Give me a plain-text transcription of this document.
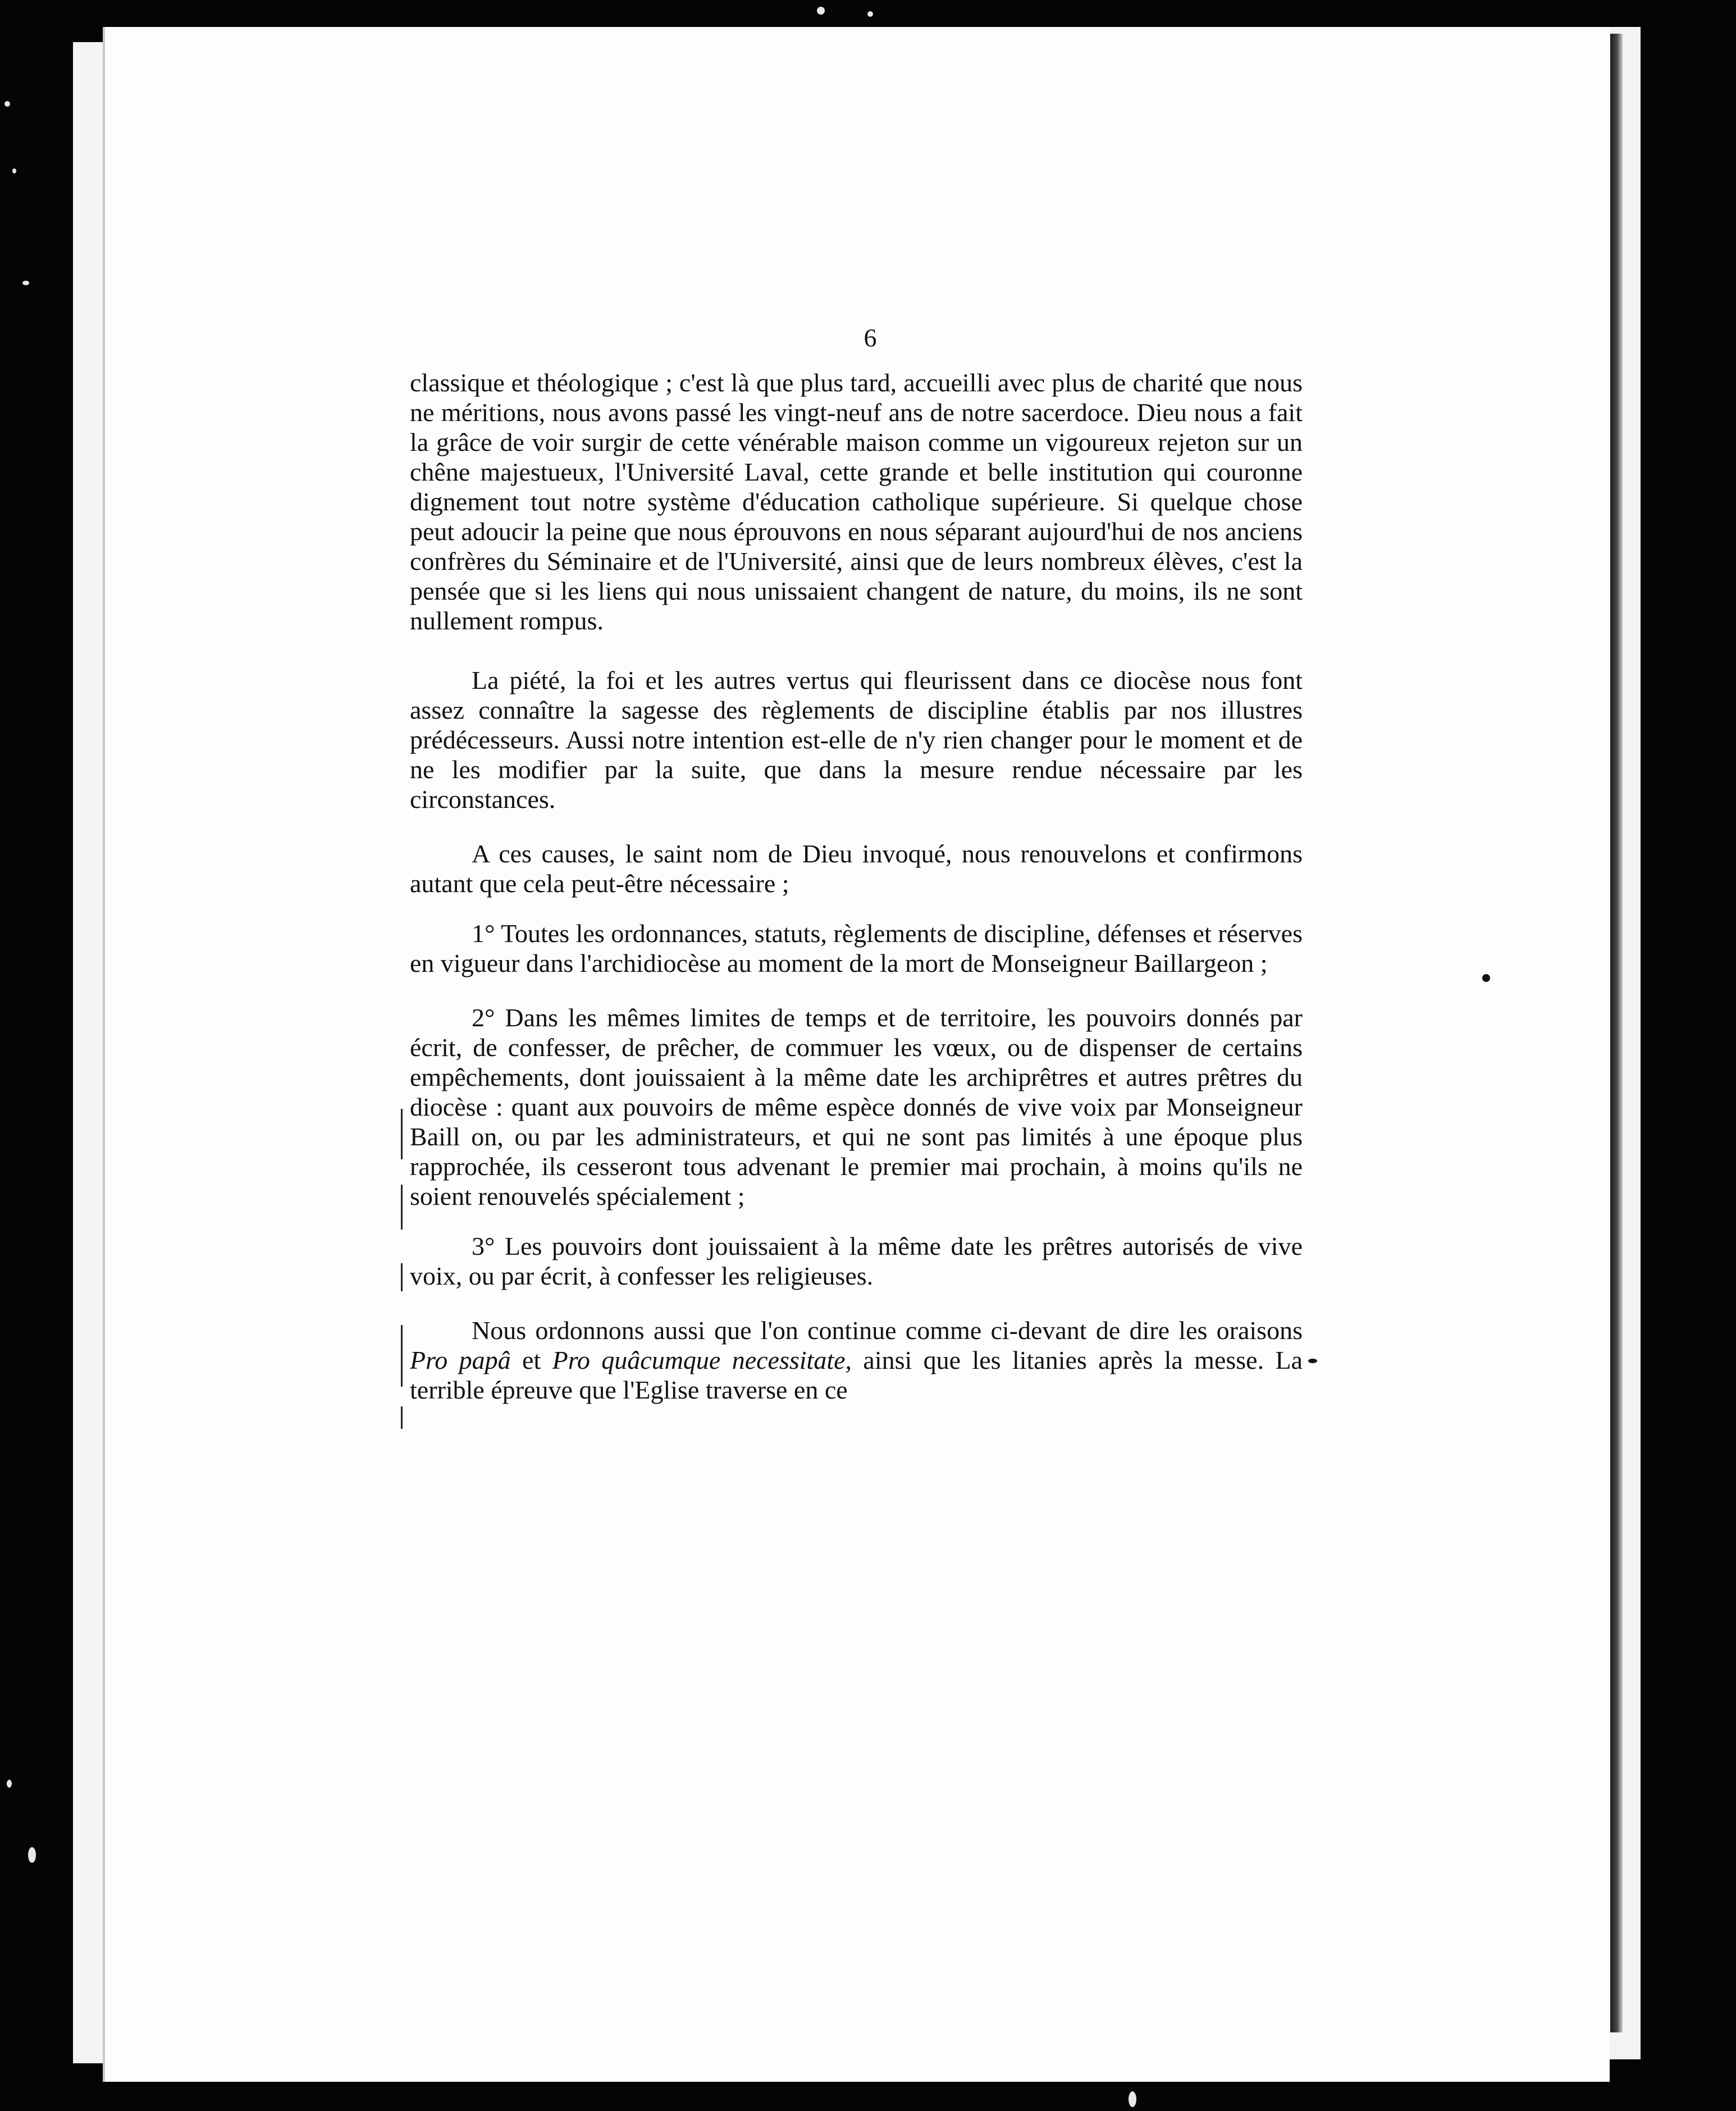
6

classique et théologique ; c'est là que plus tard, accueilli avec plus de charité que nous ne méritions, nous avons passé les vingt-neuf ans de notre sacerdoce. Dieu nous a fait la grâce de voir surgir de cette vénérable maison comme un vigoureux rejeton sur un chêne majestueux, l'Université Laval, cette grande et belle institution qui couronne dignement tout notre système d'éducation catholique supérieure. Si quelque chose peut adoucir la peine que nous éprouvons en nous séparant aujourd'hui de nos anciens confrères du Séminaire et de l'Université, ainsi que de leurs nombreux élèves, c'est la pensée que si les liens qui nous unissaient changent de nature, du moins, ils ne sont nullement rompus.

La piété, la foi et les autres vertus qui fleurissent dans ce diocèse nous font assez connaître la sagesse des règlements de discipline établis par nos illustres prédécesseurs. Aussi notre intention est-elle de n'y rien changer pour le moment et de ne les modifier par la suite, que dans la mesure rendue nécessaire par les circonstances.

A ces causes, le saint nom de Dieu invoqué, nous renouvelons et confirmons autant que cela peut-être nécessaire ;

1° Toutes les ordonnances, statuts, règlements de discipline, défenses et réserves en vigueur dans l'archidiocèse au moment de la mort de Monseigneur Baillargeon ;

2° Dans les mêmes limites de temps et de territoire, les pouvoirs donnés par écrit, de confesser, de prêcher, de commuer les vœux, ou de dispenser de certains empêchements, dont jouissaient à la même date les archiprêtres et autres prêtres du diocèse : quant aux pouvoirs de même espèce donnés de vive voix par Monseigneur Baill on, ou par les administrateurs, et qui ne sont pas limités à une époque plus rapprochée, ils cesseront tous advenant le premier mai prochain, à moins qu'ils ne soient renouvelés spécialement ;

3° Les pouvoirs dont jouissaient à la même date les prêtres autorisés de vive voix, ou par écrit, à confesser les religieuses.

Nous ordonnons aussi que l'on continue comme ci-devant de dire les oraisons Pro papâ et Pro quâcumque necessitate, ainsi que les litanies après la messe. La terrible épreuve que l'Eglise traverse en ce
